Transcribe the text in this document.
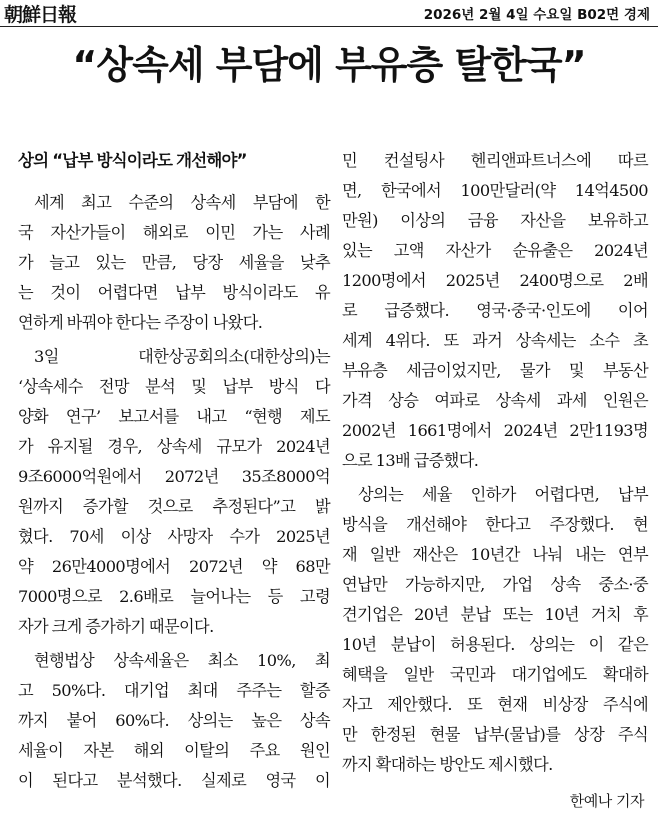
朝鮮日報	2026년 2월 4일 수요일 B02면 경제
“상속세 부담에 부유층 탈한국”
상의 “납부 방식이라도 개선해야”
세계 최고 수준의 상속세 부담에 한
국 자산가들이 해외로 이민 가는 사례
가 늘고 있는 만큼, 당장 세율을 낮추
는 것이 어렵다면 납부 방식이라도 유
연하게 바꿔야 한다는 주장이 나왔다.
3일 대한상공회의소(대한상의)는
‘상속세수 전망 분석 및 납부 방식 다
양화 연구’ 보고서를 내고 “현행 제도
가 유지될 경우, 상속세 규모가 2024년
9조6000억원에서 2072년 35조8000억
원까지 증가할 것으로 추정된다”고 밝
혔다. 70세 이상 사망자 수가 2025년
약 26만4000명에서 2072년 약 68만
7000명으로 2.6배로 늘어나는 등 고령
자가 크게 증가하기 때문이다.
현행법상 상속세율은 최소 10%, 최
고 50%다. 대기업 최대 주주는 할증
까지 붙어 60%다. 상의는 높은 상속
세율이 자본 해외 이탈의 주요 원인
이 된다고 분석했다. 실제로 영국 이
민 컨설팅사 헨리앤파트너스에 따르
면, 한국에서 100만달러(약 14억4500
만원) 이상의 금융 자산을 보유하고
있는 고액 자산가 순유출은 2024년
1200명에서 2025년 2400명으로 2배
로 급증했다. 영국·중국·인도에 이어
세계 4위다. 또 과거 상속세는 소수 초
부유층 세금이었지만, 물가 및 부동산
가격 상승 여파로 상속세 과세 인원은
2002년 1661명에서 2024년 2만1193명
으로 13배 급증했다.
상의는 세율 인하가 어렵다면, 납부
방식을 개선해야 한다고 주장했다. 현
재 일반 재산은 10년간 나눠 내는 연부
연납만 가능하지만, 가업 상속 중소·중
견기업은 20년 분납 또는 10년 거치 후
10년 분납이 허용된다. 상의는 이 같은
혜택을 일반 국민과 대기업에도 확대하
자고 제안했다. 또 현재 비상장 주식에
만 한정된 현물 납부(물납)를 상장 주식
까지 확대하는 방안도 제시했다.
한예나 기자
